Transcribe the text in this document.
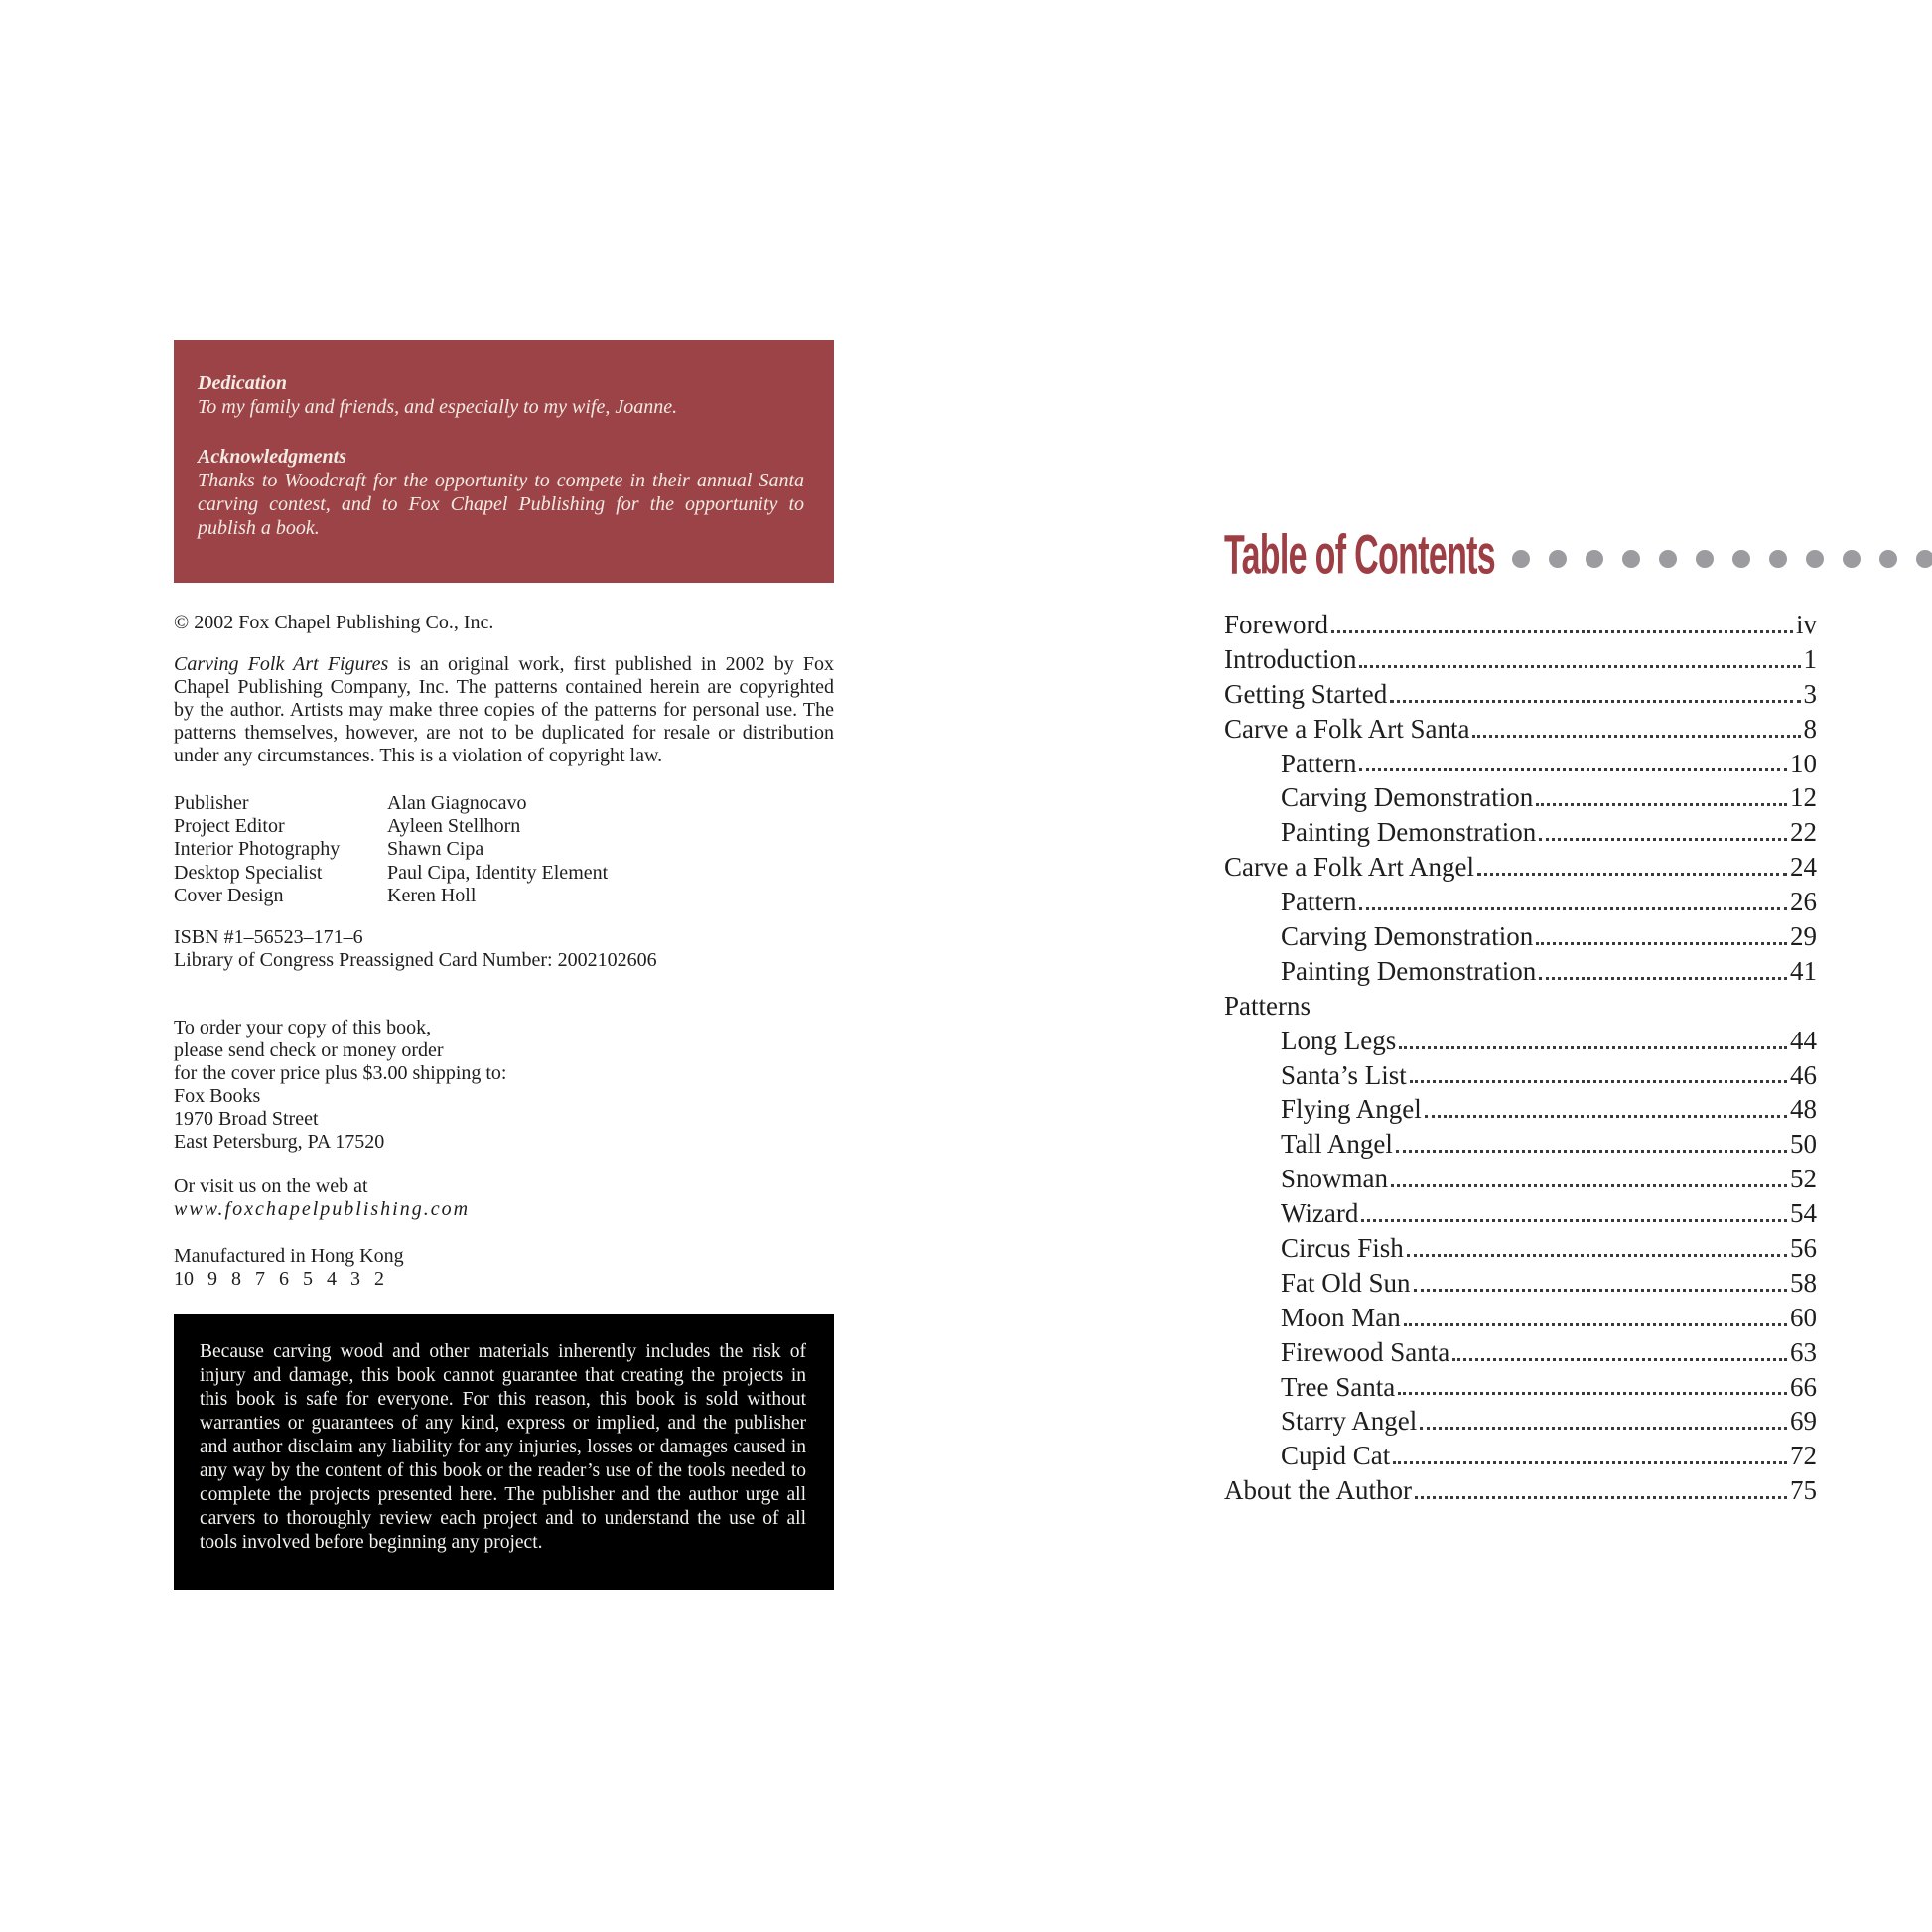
Dedication
To my family and friends, and especially to my wife, Joanne.
Acknowledgments

Thanks to Woodcraft for the opportunity to compete in their annual Santa carving contest, and to Fox Chapel Publishing for the opportunity to publish a book.

© 2002 Fox Chapel Publishing Co., Inc.

Carving Folk Art Figures is an original work, first published in 2002 by Fox Chapel Publishing Company, Inc. The patterns contained herein are copyrighted by the author. Artists may make three copies of the patterns for personal use. The patterns themselves, however, are not to be duplicated for resale or distribution under any circumstances. This is a violation of copyright law.

Publisher	Alan Giagnocavo
Project Editor	Ayleen Stellhorn
Interior Photography	Shawn Cipa
Desktop Specialist	Paul Cipa, Identity Element
Cover Design	Keren Holl
ISBN #1–56523–171–6
Library of Congress Preassigned Card Number: 2002102606
To order your copy of this book,
please send check or money order
for the cover price plus $3.00 shipping to:
Fox Books
1970 Broad Street
East Petersburg, PA 17520
Or visit us on the web at
www.foxchapelpublishing.com
Manufactured in Hong Kong
10 9 8 7 6 5 4 3 2

Because carving wood and other materials inherently includes the risk of injury and damage, this book cannot guarantee that creating the projects in this book is safe for everyone. For this reason, this book is sold without warranties or guarantees of any kind, express or implied, and the publisher and author disclaim any liability for any injuries, losses or damages caused in any way by the content of this book or the reader’s use of the tools needed to complete the projects presented here. The publisher and the author urge all carvers to thoroughly review each project and to understand the use of all tools involved before beginning any project.

Table of Contents
Foreword	iv
Introduction	1
Getting Started	3
Carve a Folk Art Santa	8
Pattern	10
Carving Demonstration	12
Painting Demonstration	22
Carve a Folk Art Angel	24
Pattern	26
Carving Demonstration	29
Painting Demonstration	41
Patterns
Long Legs	44
Santa’s List	46
Flying Angel	48
Tall Angel	50
Snowman	52
Wizard	54
Circus Fish	56
Fat Old Sun	58
Moon Man	60
Firewood Santa	63
Tree Santa	66
Starry Angel	69
Cupid Cat	72
About the Author	75
